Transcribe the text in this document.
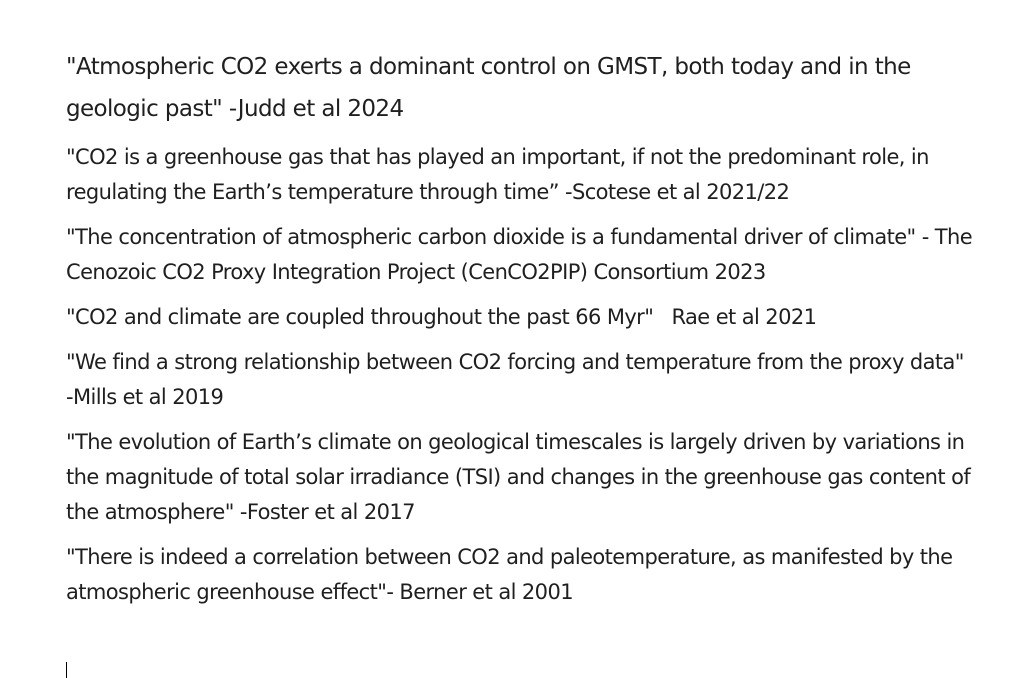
"Atmospheric CO2 exerts a dominant control on GMST, both today and in the geologic past" -Judd et al 2024

"CO2 is a greenhouse gas that has played an important, if not the predominant role, in regulating the Earth’s temperature through time” -Scotese et al 2021/22

"The concentration of atmospheric carbon dioxide is a fundamental driver of climate" - The Cenozoic CO2 Proxy Integration Project (CenCO2PIP) Consortium 2023

"CO2 and climate are coupled throughout the past 66 Myr"   Rae et al 2021

"We find a strong relationship between CO2 forcing and temperature from the proxy data" -Mills et al 2019

"The evolution of Earth’s climate on geological timescales is largely driven by variations in the magnitude of total solar irradiance (TSI) and changes in the greenhouse gas content of the atmosphere" -Foster et al 2017

"There is indeed a correlation between CO2 and paleotemperature, as manifested by the atmospheric greenhouse effect"- Berner et al 2001
